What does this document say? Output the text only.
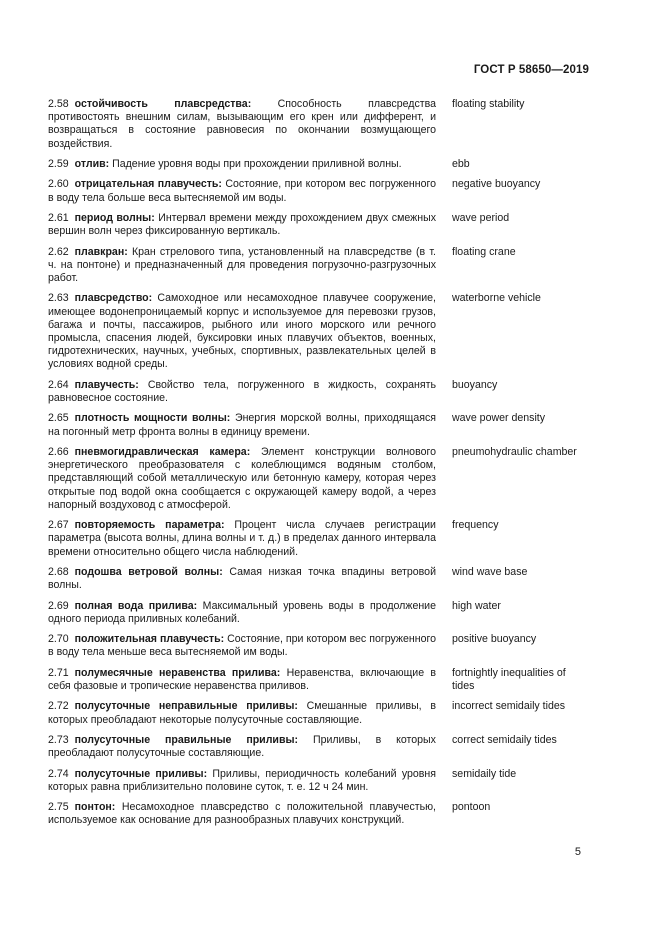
ГОСТ Р 58650—2019
2.58 остойчивость плавсредства: Способность плавсредства противостоять внешним силам, вызывающим его крен или дифферент, и возвращаться в состояние равновесия по окончании возмущающего воздействия.
floating stability
2.59 отлив: Падение уровня воды при прохождении приливной волны.	ebb
2.60 отрицательная плавучесть: Состояние, при котором вес погруженного в воду тела больше веса вытесняемой им воды.
negative buoyancy
2.61 период волны: Интервал времени между прохождением двух смежных вершин волн через фиксированную вертикаль.
wave period
2.62 плавкран: Кран стрелового типа, установленный на плавсредстве (в т. ч. на понтоне) и предназначенный для проведения погрузочно-разгрузочных работ.
floating crane
2.63 плавсредство: Самоходное или несамоходное плавучее сооружение, имеющее водонепроницаемый корпус и используемое для перевозки грузов, багажа и почты, пассажиров, рыбного или иного морского или речного промысла, спасения людей, буксировки иных плавучих объектов, военных, гидротехнических, научных, учебных, спортивных, развлекательных целей в условиях водной среды.
waterborne vehicle
2.64 плавучесть: Свойство тела, погруженного в жидкость, сохранять равновесное состояние.
buoyancy
2.65 плотность мощности волны: Энергия морской волны, приходящаяся на погонный метр фронта волны в единицу времени.
wave power density
2.66 пневмогидравлическая камера: Элемент конструкции волнового энергетического преобразователя с колеблющимся водяным столбом, представляющий собой металлическую или бетонную камеру, которая через открытые под водой окна сообщается с окружающей камеру водой, а через напорный воздуховод с атмосферой.
pneumohydraulic chamber
2.67 повторяемость параметра: Процент числа случаев регистрации параметра (высота волны, длина волны и т. д.) в пределах данного интервала времени относительно общего числа наблюдений.
frequency
2.68 подошва ветровой волны: Самая низкая точка впадины ветровой волны.
wind wave base
2.69 полная вода прилива: Максимальный уровень воды в продолжение одного периода приливных колебаний.
high water
2.70 положительная плавучесть: Состояние, при котором вес погруженного в воду тела меньше веса вытесняемой им воды.
positive buoyancy
2.71 полумесячные неравенства прилива: Неравенства, включающие в себя фазовые и тропические неравенства приливов.
fortnightly inequalities of tides
2.72 полусуточные неправильные приливы: Смешанные приливы, в которых преобладают некоторые полусуточные составляющие.
incorrect semidaily tides
2.73 полусуточные правильные приливы: Приливы, в которых преобладают полусуточные составляющие.
correct semidaily tides
2.74 полусуточные приливы: Приливы, периодичность колебаний уровня которых равна приблизительно половине суток, т. е. 12 ч 24 мин.
semidaily tide
2.75 понтон: Несамоходное плавсредство с положительной плавучестью, используемое как основание для разнообразных плавучих конструкций.
pontoon
5
